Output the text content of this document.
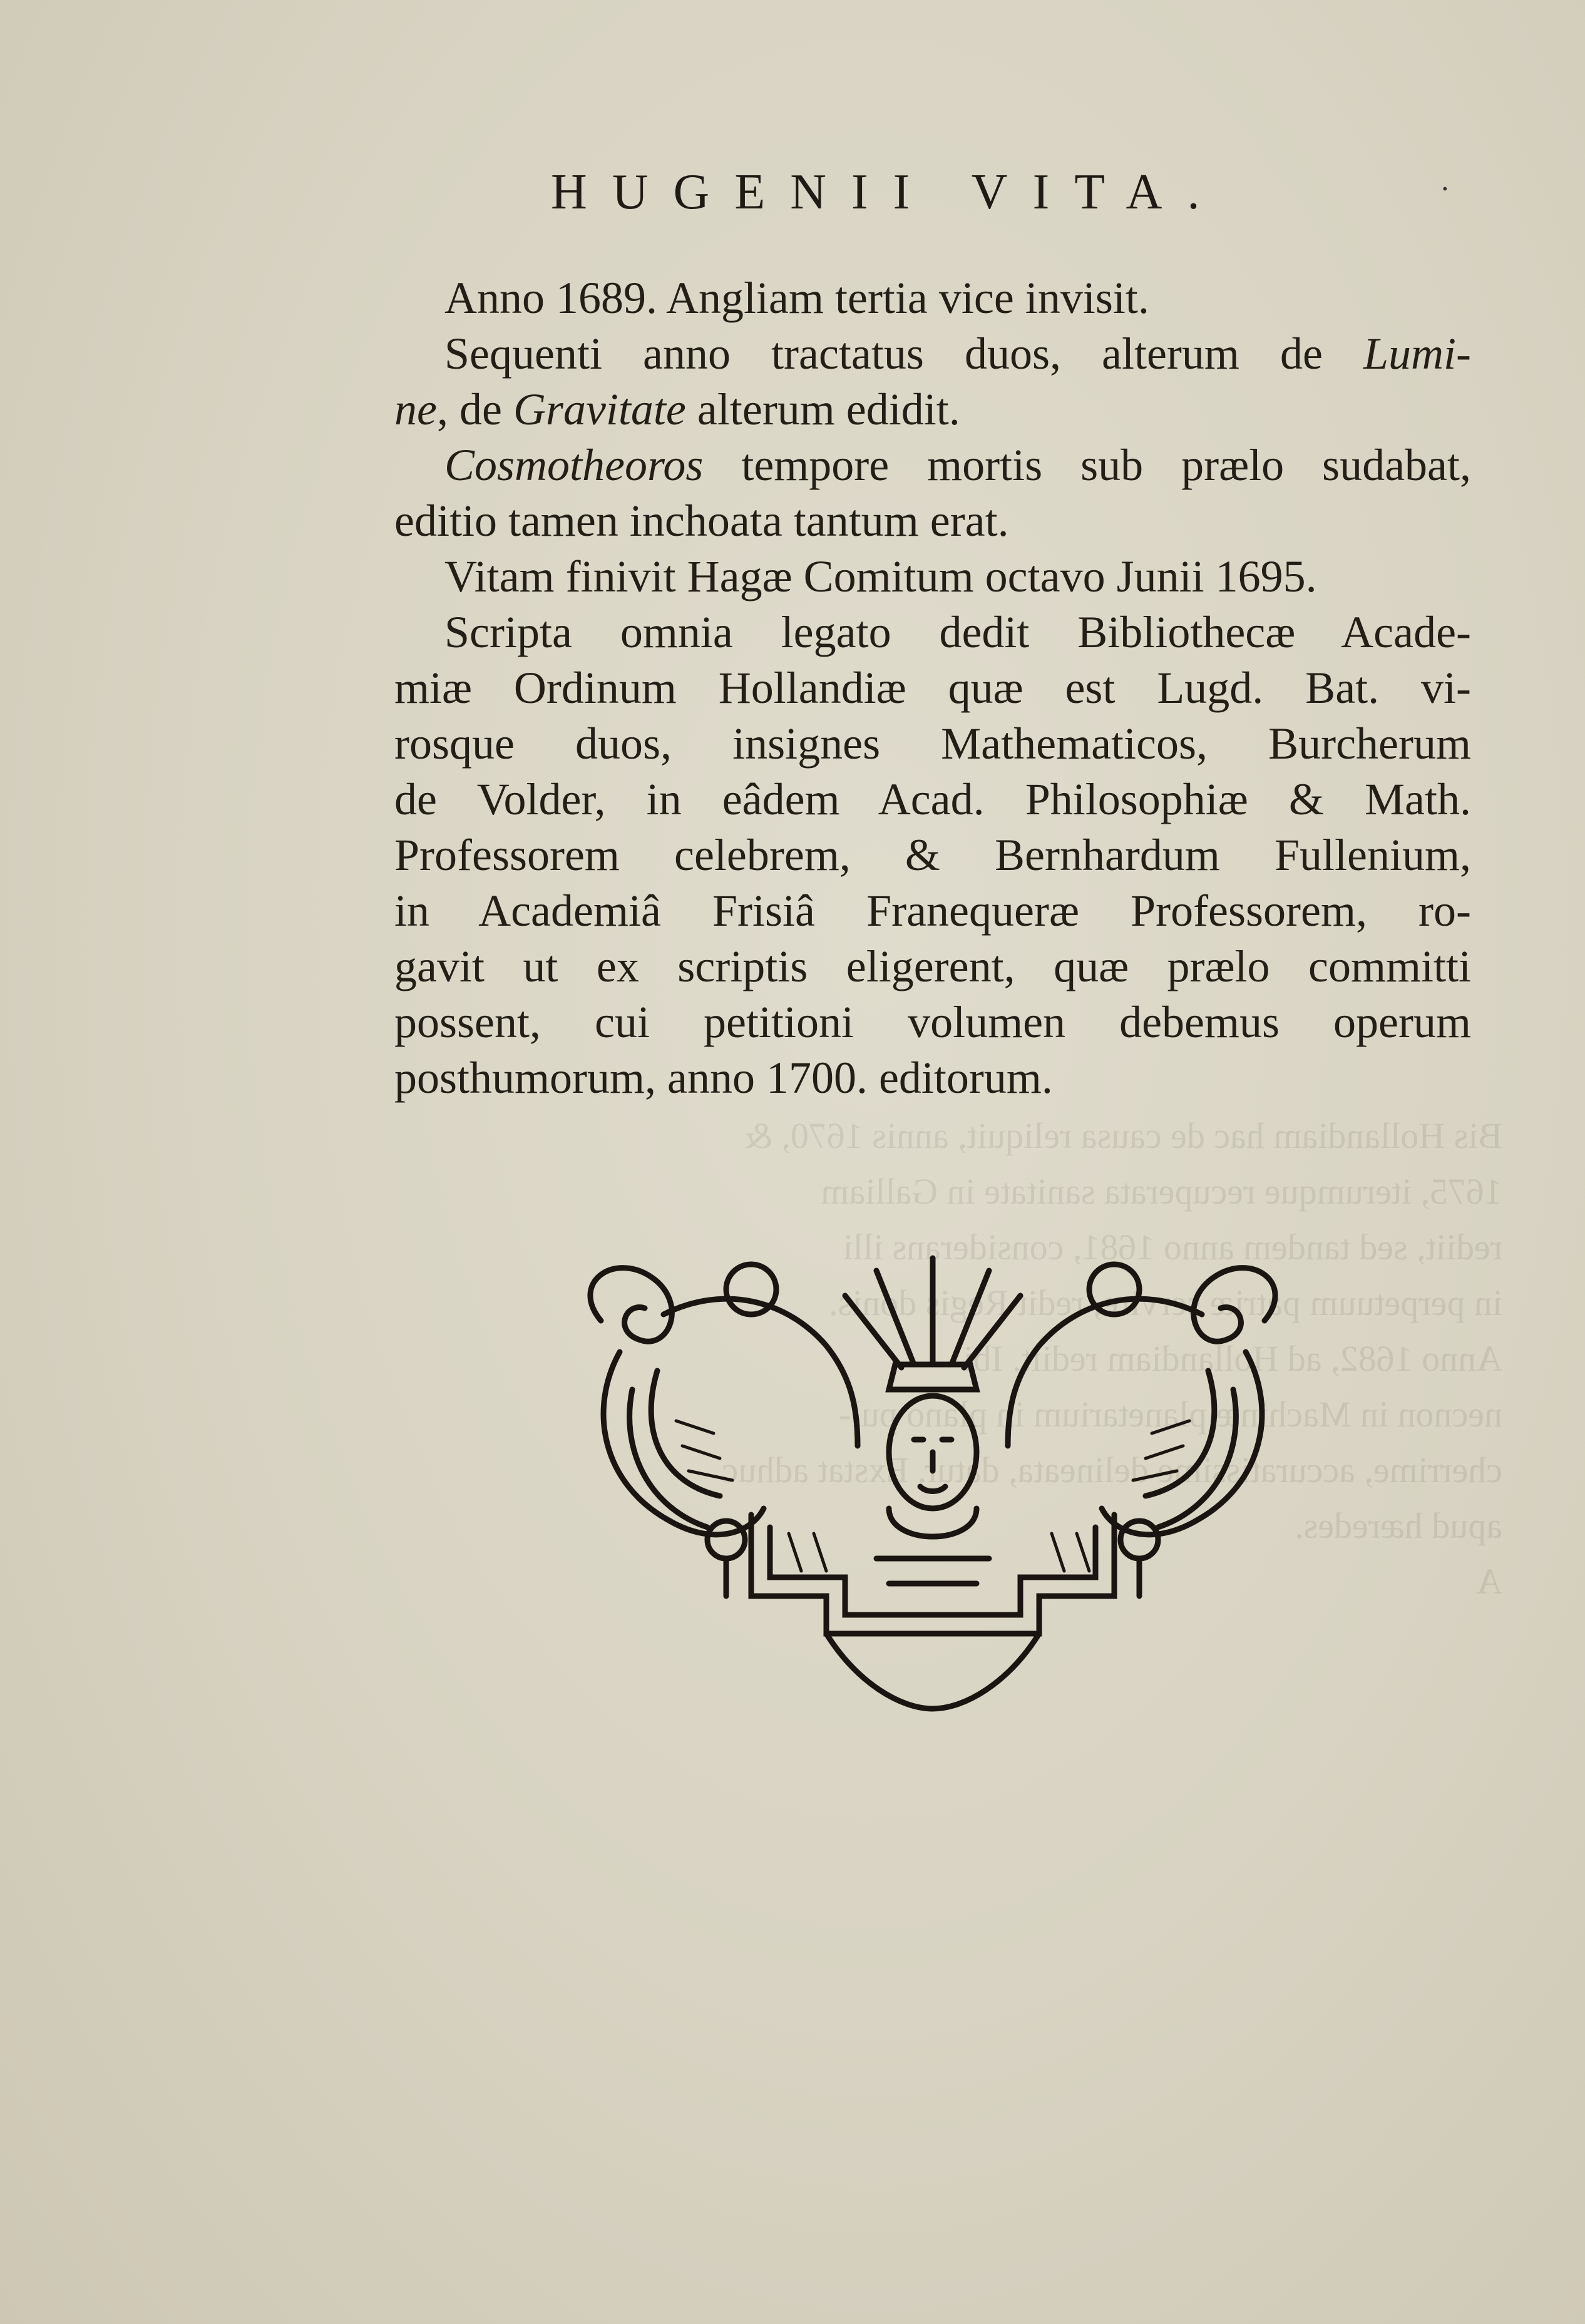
Bis Hollandiam hac de causa reliquit, annis 1670, &
1675, iterumque recuperata sanitate in Galliam
rediit, sed tandem anno 1681, considerans illi
in perpetuum patriæ servire, redit Regis donis.
Anno 1682, ad Hollandiam rediit. Ibi
necnon in Machinæ planetarium in plano pul-
cherrime, accuratissime delineata, datur. Exstat adhuc
apud hæredes.
A
HUGENII VITA.	·
Anno 1689. Angliam tertia vice invisit.
Sequenti anno tractatus duos, alterum de Lumi-
ne, de Gravitate alterum edidit.
Cosmotheoros tempore mortis sub prælo sudabat,
editio tamen inchoata tantum erat.
Vitam finivit Hagæ Comitum octavo Junii 1695.
Scripta omnia legato dedit Bibliothecæ Acade-
miæ Ordinum Hollandiæ quæ est Lugd. Bat. vi-
rosque duos, insignes Mathematicos, Burcherum
de Volder, in eâdem Acad. Philosophiæ & Math.
Professorem celebrem, & Bernhardum Fullenium,
in Academiâ Frisiâ Franequeræ Professorem, ro-
gavit ut ex scriptis eligerent, quæ prælo committi
possent, cui petitioni volumen debemus operum
posthumorum, anno 1700. editorum.
